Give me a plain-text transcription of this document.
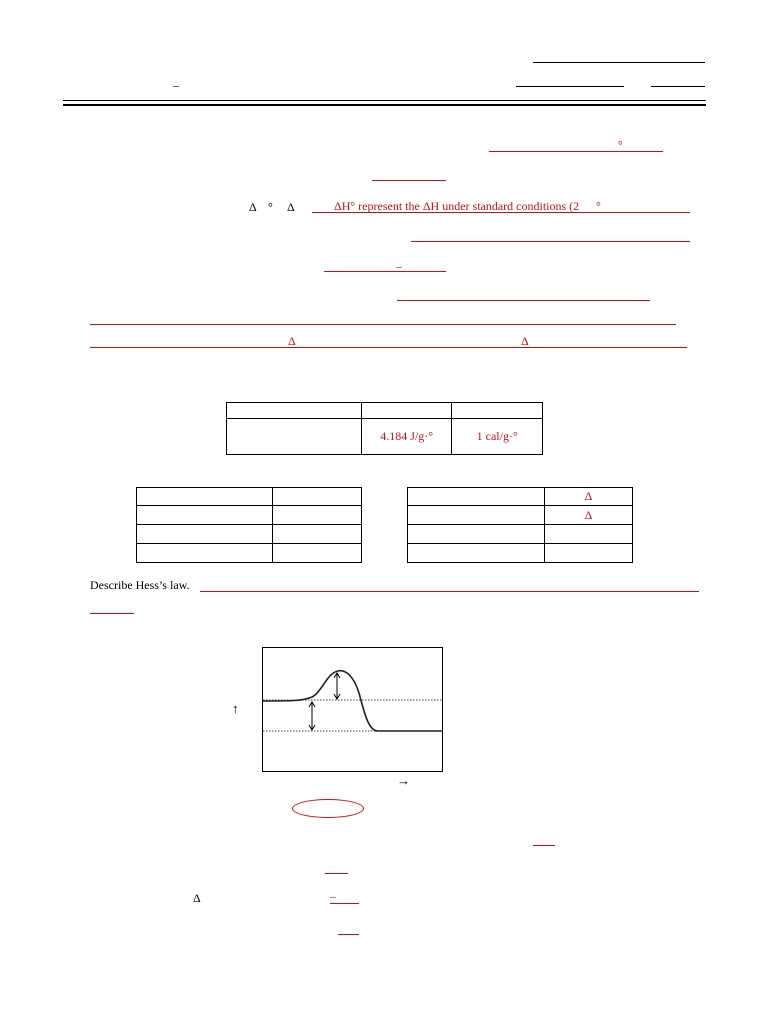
–
°
Δ ° Δ	ΔH° represent the ΔH under standard conditions (2 °
–
Δ	Δ

	4.184 J/g·°	1 cal/g·°

	Δ
	Δ

Describe Hess’s law.
↑
→
Δ	–
